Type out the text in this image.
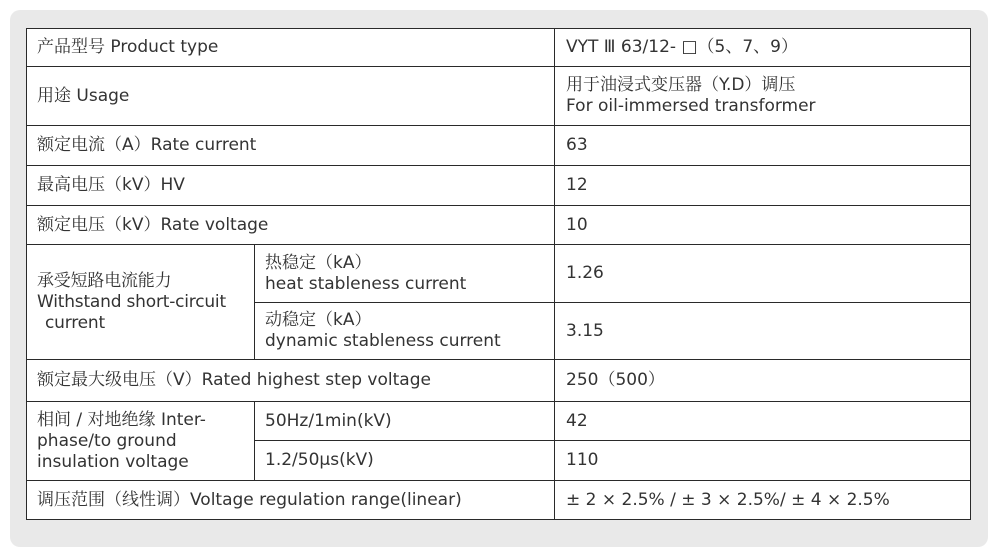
产品型号 Product type		VYT Ⅲ 63/12- □（5、7、9）
用途 Usage		用于油浸式变压器（Y.D）调压
For oil-immersed transformer

额定电流（A）Rate current		63
最高电压（kV）HV		12
额定电压（kV）Rate voltage		10

承受短路电流能力
Withstand short-circuit
current	热稳定（kA）
heat stableness current	1.26

	动稳定（kA）
dynamic stableness current	3.15
额定最大级电压（V）Rated highest step voltage		250（500）

相间 / 对地绝缘 Inter-
phase/to ground
insulation voltage	50Hz/1min(kV)	42
	1.2/50μs(kV)	110
调压范围（线性调）Voltage regulation range(linear)		± 2 × 2.5% / ± 3 × 2.5%/ ± 4 × 2.5%
